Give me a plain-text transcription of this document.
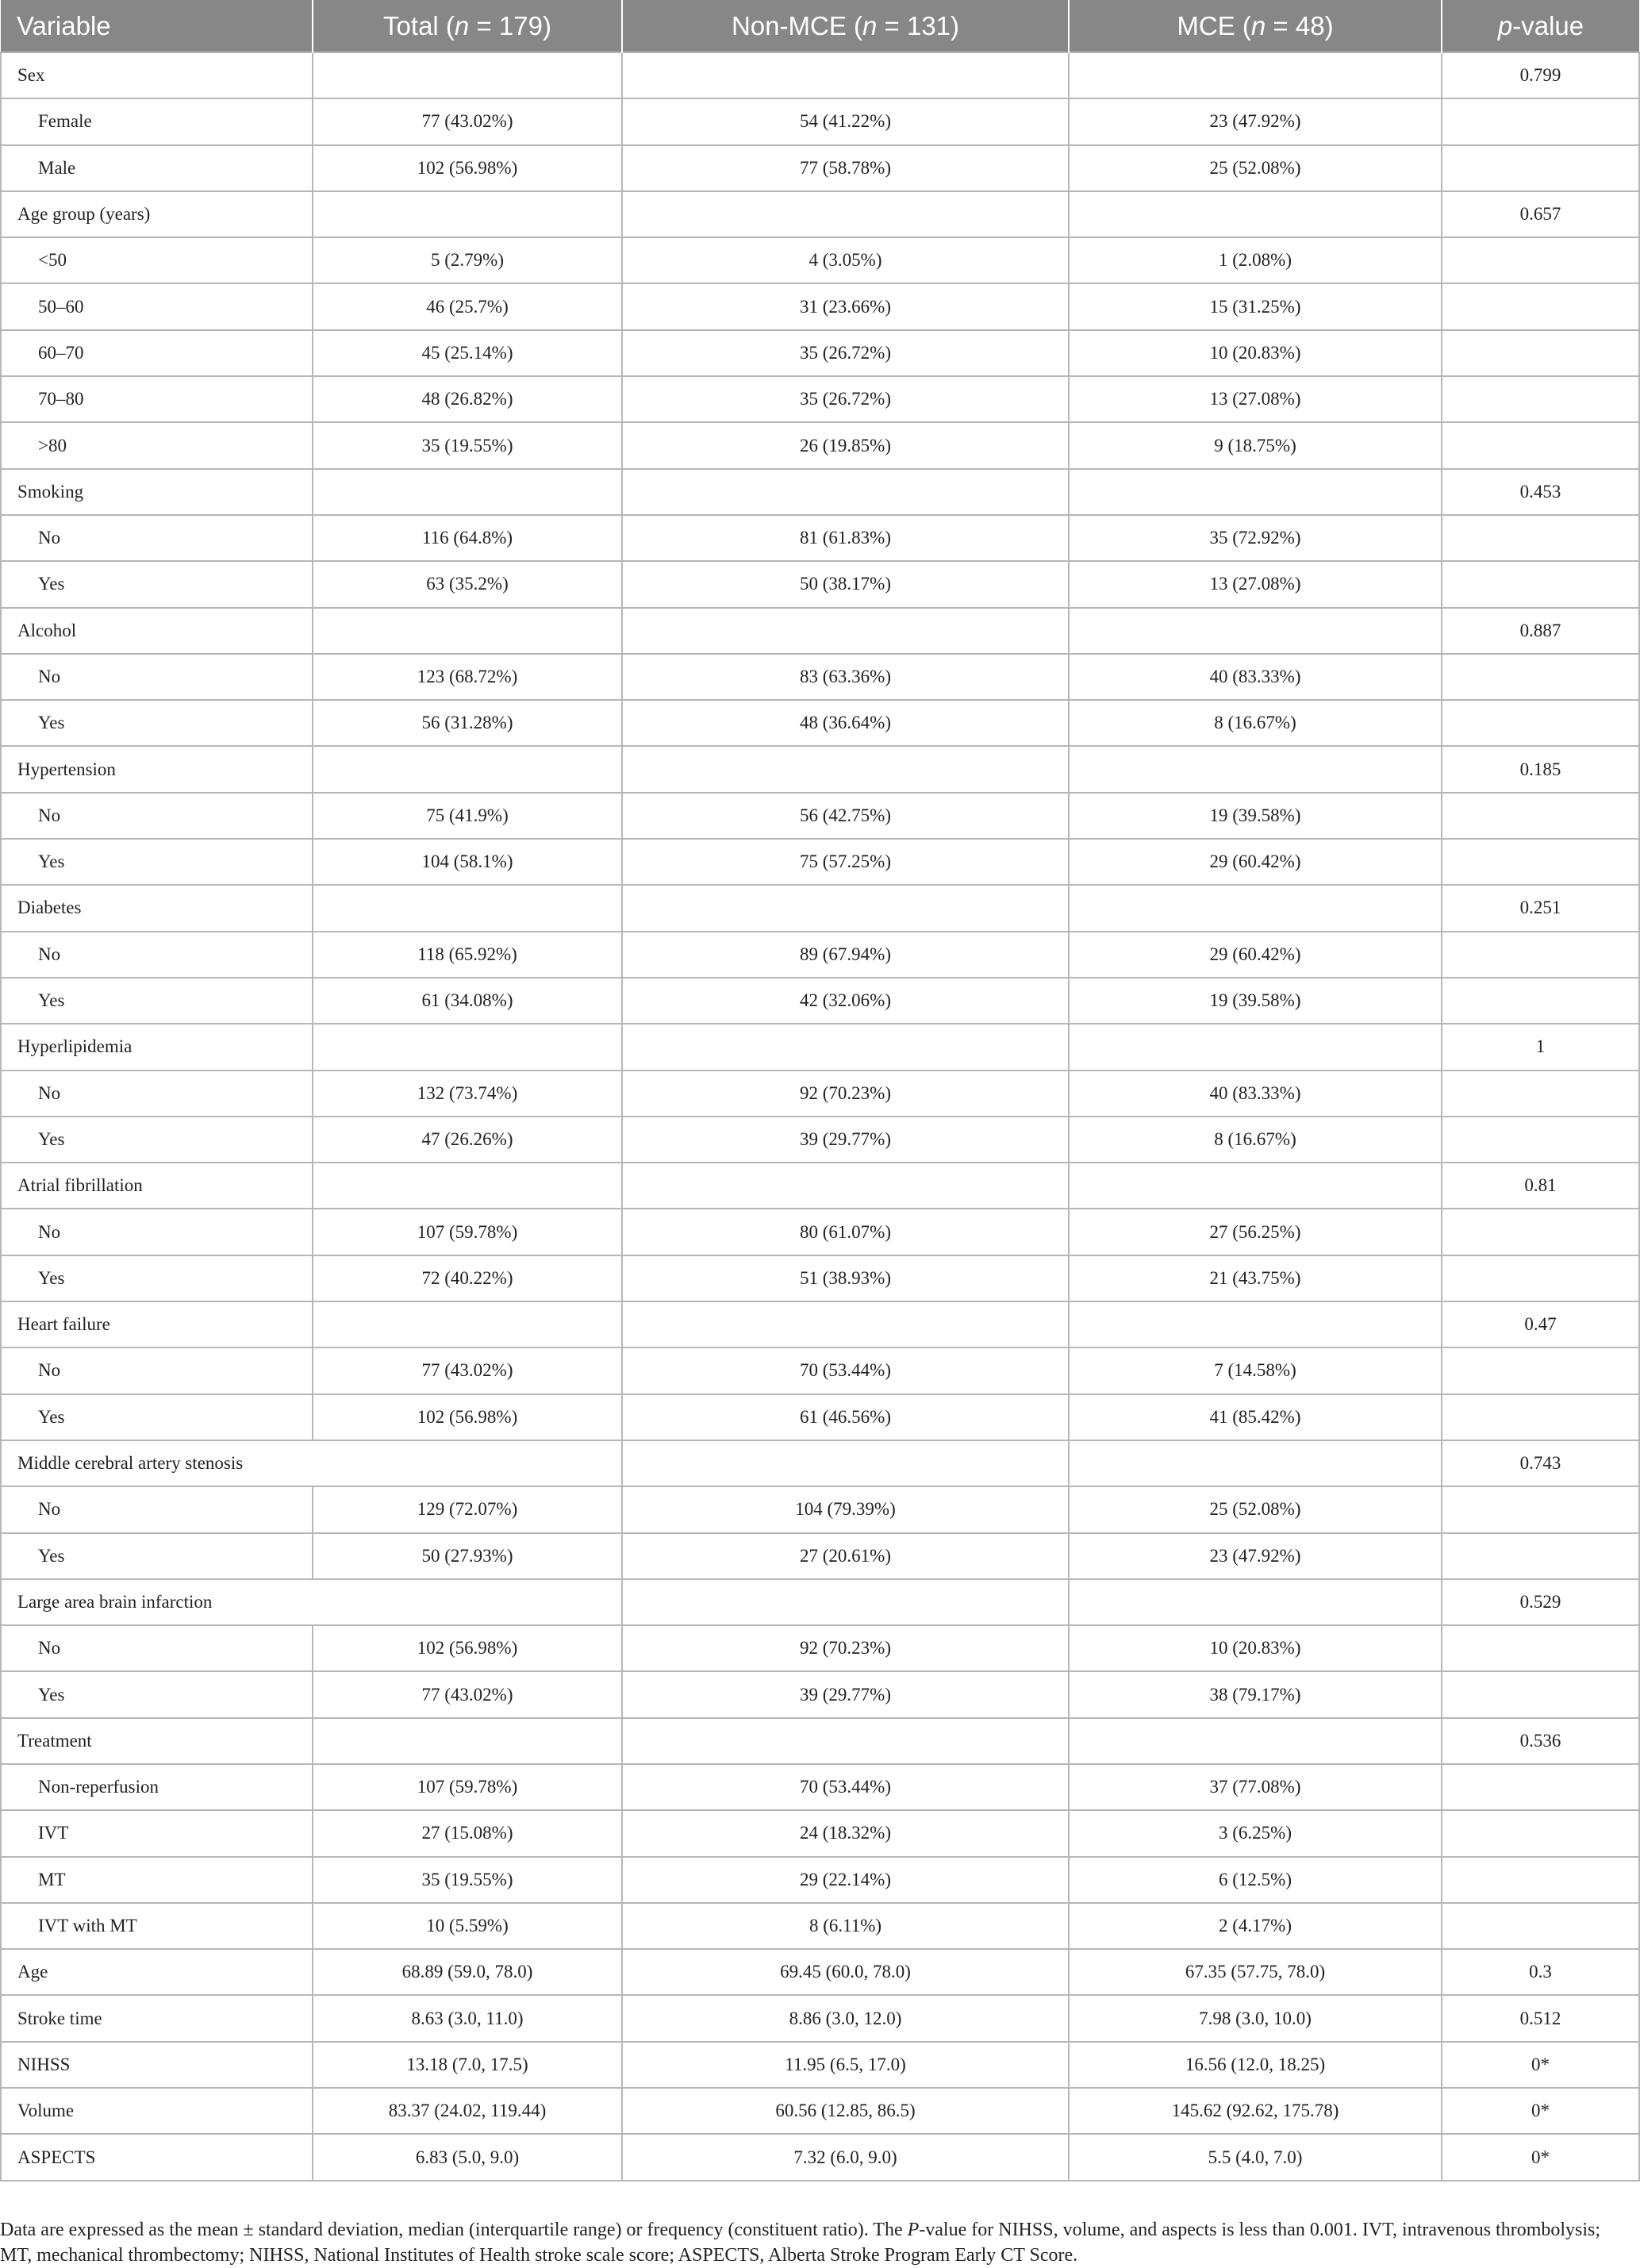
Variable	Total (n = 179)	Non-MCE (n = 131)	MCE (n = 48)	p-value
Sex				0.799
Female	77 (43.02%)	54 (41.22%)	23 (47.92%)	
Male	102 (56.98%)	77 (58.78%)	25 (52.08%)	
Age group (years)				0.657
<50	5 (2.79%)	4 (3.05%)	1 (2.08%)	
50–60	46 (25.7%)	31 (23.66%)	15 (31.25%)	
60–70	45 (25.14%)	35 (26.72%)	10 (20.83%)	
70–80	48 (26.82%)	35 (26.72%)	13 (27.08%)	
>80	35 (19.55%)	26 (19.85%)	9 (18.75%)	
Smoking				0.453
No	116 (64.8%)	81 (61.83%)	35 (72.92%)	
Yes	63 (35.2%)	50 (38.17%)	13 (27.08%)	
Alcohol				0.887
No	123 (68.72%)	83 (63.36%)	40 (83.33%)	
Yes	56 (31.28%)	48 (36.64%)	8 (16.67%)	
Hypertension				0.185
No	75 (41.9%)	56 (42.75%)	19 (39.58%)	
Yes	104 (58.1%)	75 (57.25%)	29 (60.42%)	
Diabetes				0.251
No	118 (65.92%)	89 (67.94%)	29 (60.42%)	
Yes	61 (34.08%)	42 (32.06%)	19 (39.58%)	
Hyperlipidemia				1
No	132 (73.74%)	92 (70.23%)	40 (83.33%)	
Yes	47 (26.26%)	39 (29.77%)	8 (16.67%)	
Atrial fibrillation				0.81
No	107 (59.78%)	80 (61.07%)	27 (56.25%)	
Yes	72 (40.22%)	51 (38.93%)	21 (43.75%)	
Heart failure				0.47
No	77 (43.02%)	70 (53.44%)	7 (14.58%)	
Yes	102 (56.98%)	61 (46.56%)	41 (85.42%)	
Middle cerebral artery stenosis				0.743
No	129 (72.07%)	104 (79.39%)	25 (52.08%)	
Yes	50 (27.93%)	27 (20.61%)	23 (47.92%)	
Large area brain infarction				0.529
No	102 (56.98%)	92 (70.23%)	10 (20.83%)	
Yes	77 (43.02%)	39 (29.77%)	38 (79.17%)	
Treatment				0.536
Non-reperfusion	107 (59.78%)	70 (53.44%)	37 (77.08%)	
IVT	27 (15.08%)	24 (18.32%)	3 (6.25%)	
MT	35 (19.55%)	29 (22.14%)	6 (12.5%)	
IVT with MT	10 (5.59%)	8 (6.11%)	2 (4.17%)	
Age	68.89 (59.0, 78.0)	69.45 (60.0, 78.0)	67.35 (57.75, 78.0)	0.3
Stroke time	8.63 (3.0, 11.0)	8.86 (3.0, 12.0)	7.98 (3.0, 10.0)	0.512
NIHSS	13.18 (7.0, 17.5)	11.95 (6.5, 17.0)	16.56 (12.0, 18.25)	0*
Volume	83.37 (24.02, 119.44)	60.56 (12.85, 86.5)	145.62 (92.62, 175.78)	0*
ASPECTS	6.83 (5.0, 9.0)	7.32 (6.0, 9.0)	5.5 (4.0, 7.0)	0*
Data are expressed as the mean ± standard deviation, median (interquartile range) or frequency (constituent ratio). The P-value for NIHSS, volume, and aspects is less than 0.001. IVT, intravenous thrombolysis; MT, mechanical thrombectomy; NIHSS, National Institutes of Health stroke scale score; ASPECTS, Alberta Stroke Program Early CT Score.
